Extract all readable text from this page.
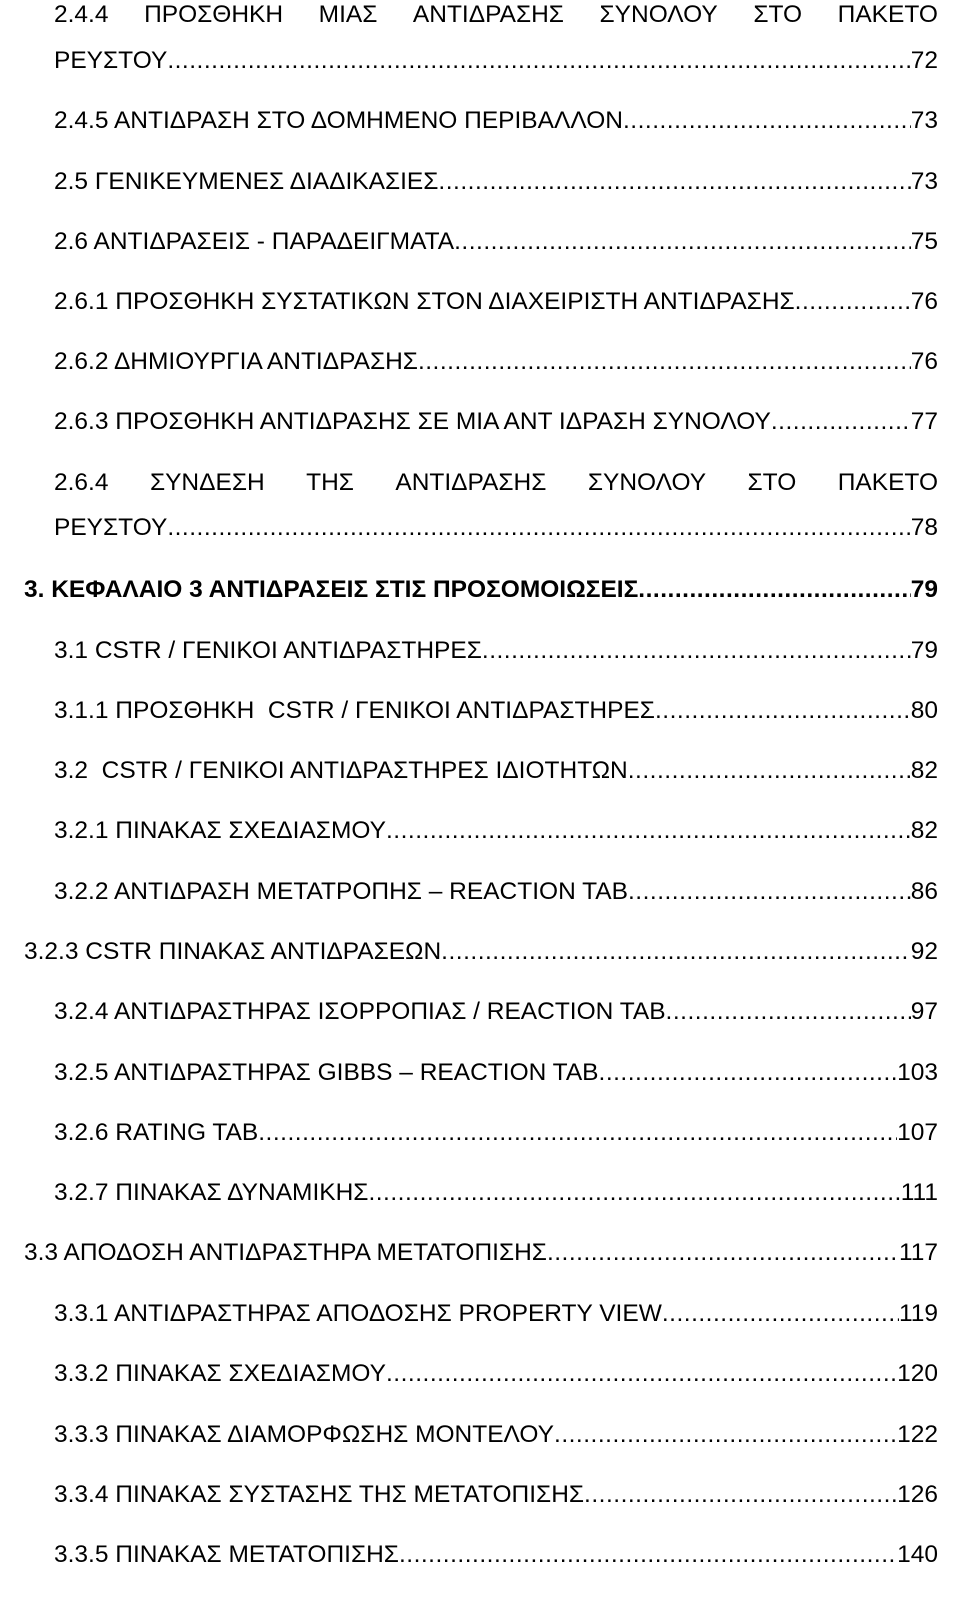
2.4.4 ΠΡΟΣΘΗΚΗ ΜΙΑΣ ΑΝΤΙΔΡΑΣΗΣ ΣΥΝΟΛΟΥ ΣΤΟ ΠΑΚΕΤΟ
ΡΕΥΣΤΟΥ .....	72
2.4.5 ΑΝΤΙΔΡΑΣΗ ΣΤΟ ΔΟΜΗΜΕΝΟ ΠΕΡΙΒΑΛΛΟΝ .....	73
2.5 ΓΕΝΙΚΕΥΜΕΝΕΣ ΔΙΑΔΙΚΑΣΙΕΣ .....	73
2.6 ΑΝΤΙΔΡΑΣΕΙΣ - ΠΑΡΑΔΕΙΓΜΑΤΑ .....	75
2.6.1 ΠΡΟΣΘΗΚΗ ΣΥΣΤΑΤΙΚΩΝ ΣΤΟΝ ΔΙΑΧΕΙΡΙΣΤΗ ΑΝΤΙΔΡΑΣΗΣ .....	76
2.6.2 ΔΗΜΙΟΥΡΓΙΑ ΑΝΤΙΔΡΑΣΗΣ .....	76
2.6.3 ΠΡΟΣΘΗΚΗ ΑΝΤΙΔΡΑΣΗΣ ΣΕ ΜΙΑ ΑΝΤ ΙΔΡΑΣΗ ΣΥΝΟΛΟΥ .....	77
2.6.4 ΣΥΝΔΕΣΗ ΤΗΣ ΑΝΤΙΔΡΑΣΗΣ ΣΥΝΟΛΟΥ ΣΤΟ ΠΑΚΕΤΟ
ΡΕΥΣΤΟΥ .....	78
3. ΚΕΦΑΛΑΙΟ 3 ΑΝΤΙΔΡΑΣΕΙΣ ΣΤΙΣ ΠΡΟΣΟΜΟΙΩΣΕΙΣ .....	79
3.1 CSTR / ΓΕΝΙΚΟΙ ΑΝΤΙΔΡΑΣΤΗΡΕΣ .....	79
3.1.1 ΠΡΟΣΘΗΚΗ  CSTR / ΓΕΝΙΚΟΙ ΑΝΤΙΔΡΑΣΤΗΡΕΣ .....	80
3.2  CSTR / ΓΕΝΙΚΟΙ ΑΝΤΙΔΡΑΣΤΗΡΕΣ ΙΔΙΟΤΗΤΩΝ .....	82
3.2.1 ΠΙΝΑΚΑΣ ΣΧΕΔΙΑΣΜΟΥ .....	82
3.2.2 ΑΝΤΙΔΡΑΣΗ ΜΕΤΑΤΡΟΠΗΣ – REACTION TAB .....	86
3.2.3 CSTR ΠΙΝΑΚΑΣ ΑΝΤΙΔΡΑΣΕΩΝ .....	92
3.2.4 ΑΝΤΙΔΡΑΣΤΗΡΑΣ ΙΣΟΡΡΟΠΙΑΣ / REACTION TAB .....	97
3.2.5 ΑΝΤΙΔΡΑΣΤΗΡΑΣ GIBBS – REACTION TAB .....	103
3.2.6 RATING TAB .....	107
3.2.7 ΠΙΝΑΚΑΣ ΔΥΝΑΜΙΚΗΣ .....	111
3.3 ΑΠΟΔΟΣΗ ΑΝΤΙΔΡΑΣΤΗΡΑ ΜΕΤΑΤΟΠΙΣΗΣ .....	117
3.3.1 ΑΝΤΙΔΡΑΣΤΗΡΑΣ ΑΠΟΔΟΣΗΣ PROPERTY VIEW .....	119
3.3.2 ΠΙΝΑΚΑΣ ΣΧΕΔΙΑΣΜΟΥ .....	120
3.3.3 ΠΙΝΑΚΑΣ ΔΙΑΜΟΡΦΩΣΗΣ ΜΟΝΤΕΛΟΥ .....	122
3.3.4 ΠΙΝΑΚΑΣ ΣΥΣΤΑΣΗΣ ΤΗΣ ΜΕΤΑΤΟΠΙΣΗΣ .....	126
3.3.5 ΠΙΝΑΚΑΣ ΜΕΤΑΤΟΠΙΣΗΣ .....	140
